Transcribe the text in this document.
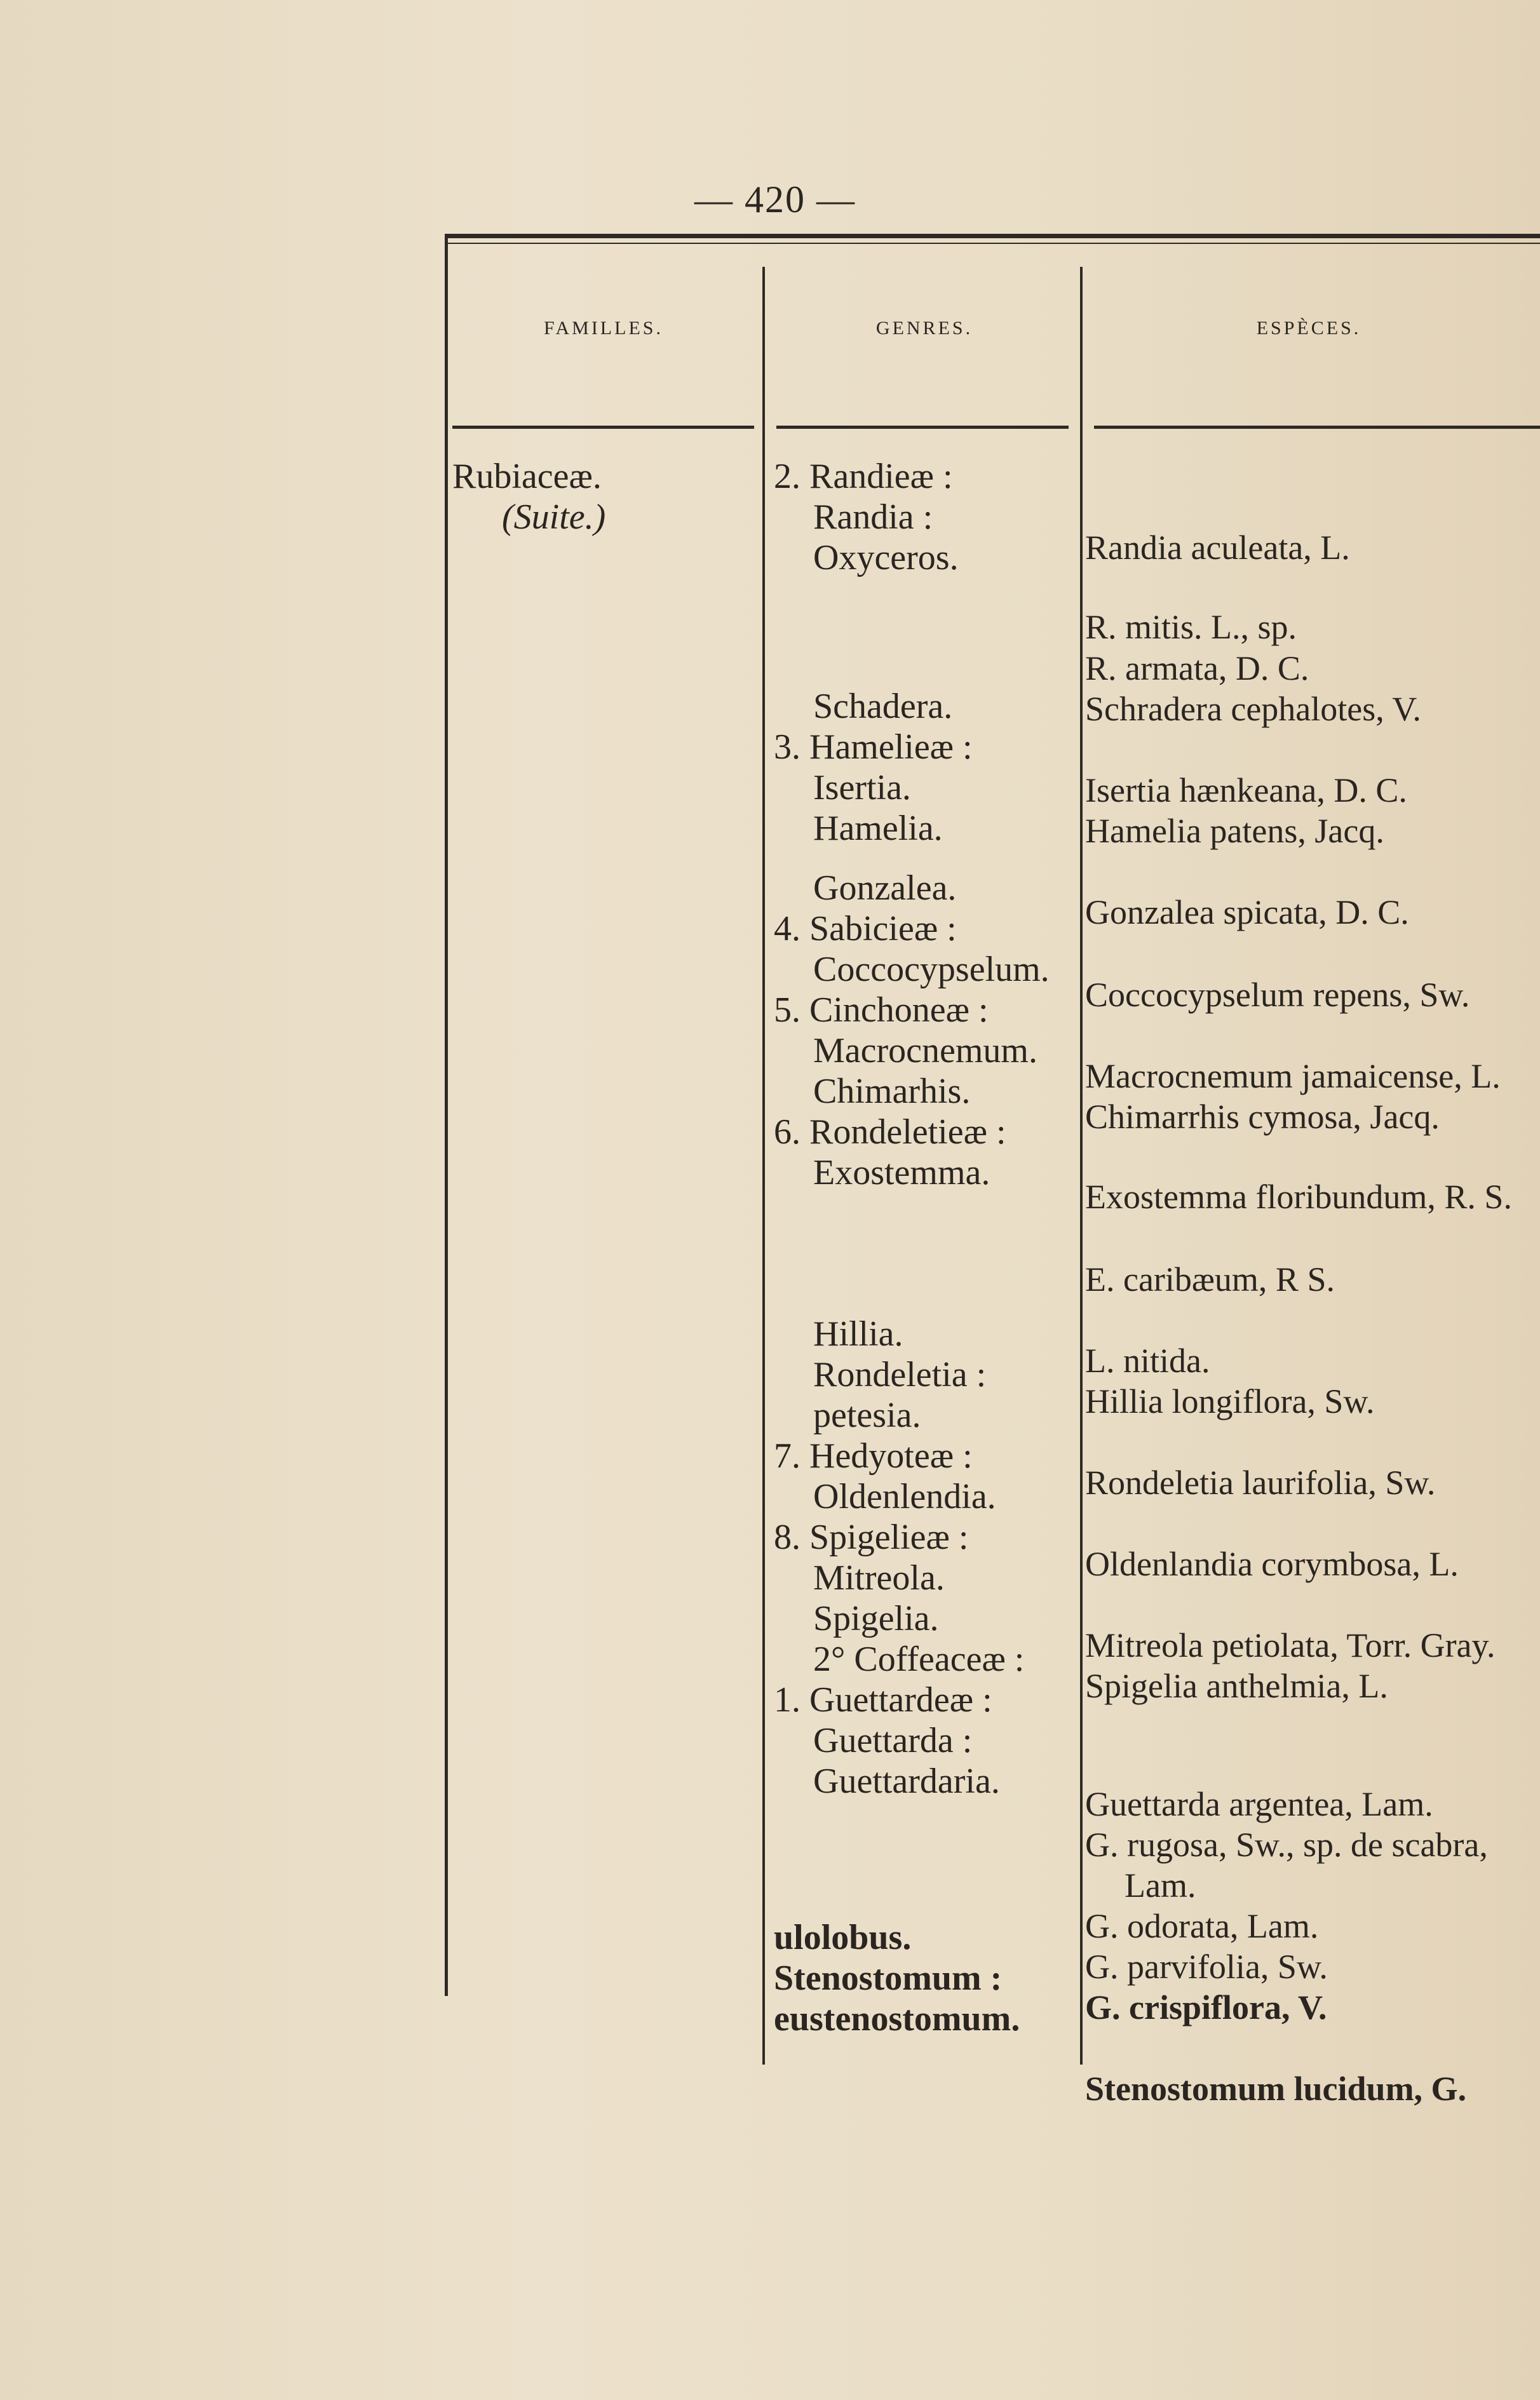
— 420 —
FAMILLES.	GENRES.	ESPÈCES.
Rubiaceæ.
(Suite.)
2. Randieæ :
Randia :
Oxyceros.
Schadera.
3. Hamelieæ :
Isertia.
Hamelia.
Gonzalea.
4. Sabicieæ :
Coccocypselum.
5. Cinchoneæ :
Macrocnemum.
Chimarhis.
6. Rondeletieæ :
Exostemma.
Hillia.
Rondeletia :
petesia.
7. Hedyoteæ :
Oldenlendia.
8. Spigelieæ :
Mitreola.
Spigelia.
2° Coffeaceæ :
1. Guettardeæ :
Guettarda :
Guettardaria.
ulolobus.
Stenostomum :
eustenostomum.
Randia aculeata, L.
R. mitis. L., sp.
R. armata, D. C.
Schradera cephalotes, V.
Isertia hænkeana, D. C.
Hamelia patens, Jacq.
Gonzalea spicata, D. C.
Coccocypselum repens, Sw.
Macrocnemum jamaicense, L.
Chimarrhis cymosa, Jacq.
Exostemma floribundum, R. S.
E. caribæum, R S.
L. nitida.
Hillia longiflora, Sw.
Rondeletia laurifolia, Sw.
Oldenlandia corymbosa, L.
Mitreola petiolata, Torr. Gray.
Spigelia anthelmia, L.
Guettarda argentea, Lam.
G. rugosa, Sw., sp. de scabra,
Lam.
G. odorata, Lam.
G. parvifolia, Sw.
G. crispiflora, V.
Stenostomum lucidum, G.
